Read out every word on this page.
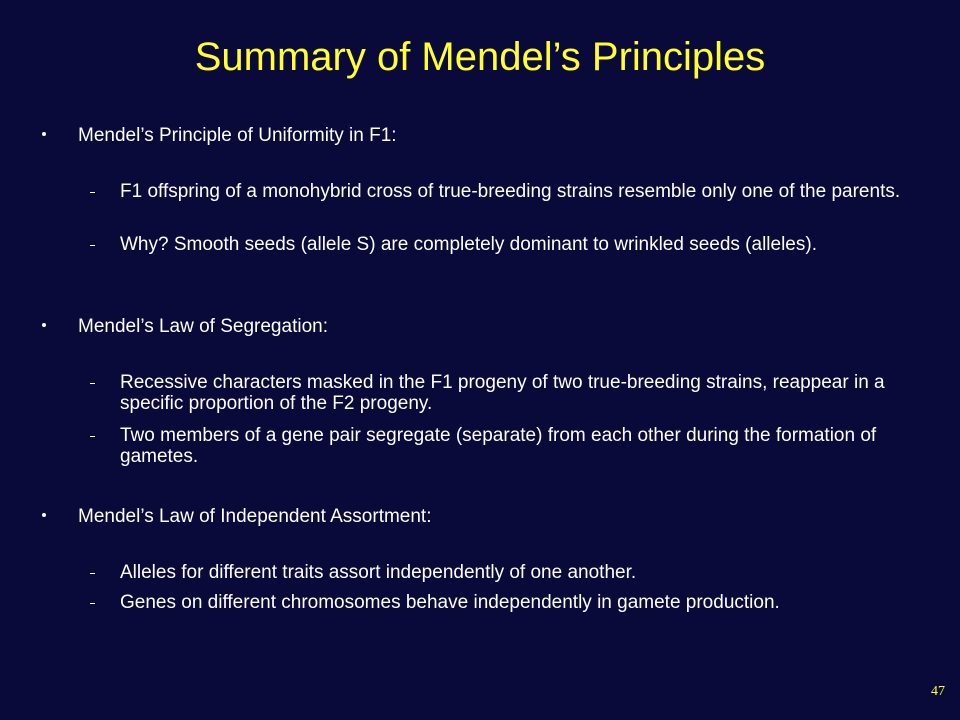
Summary of Mendel’s Principles
Mendel’s Principle of Uniformity in F1:
F1 offspring of a monohybrid cross of true-breeding strains resemble only one of the parents.
Why? Smooth seeds (allele S) are completely dominant to wrinkled seeds (alleles).
Mendel’s Law of Segregation:
Recessive characters masked in the F1 progeny of two true-breeding strains, reappear in a specific proportion of the F2 progeny.
Two members of a gene pair segregate (separate) from each other during the formation of gametes.
Mendel’s Law of Independent Assortment:
Alleles for different traits assort independently of one another.
Genes on different chromosomes behave independently in gamete production.
47
